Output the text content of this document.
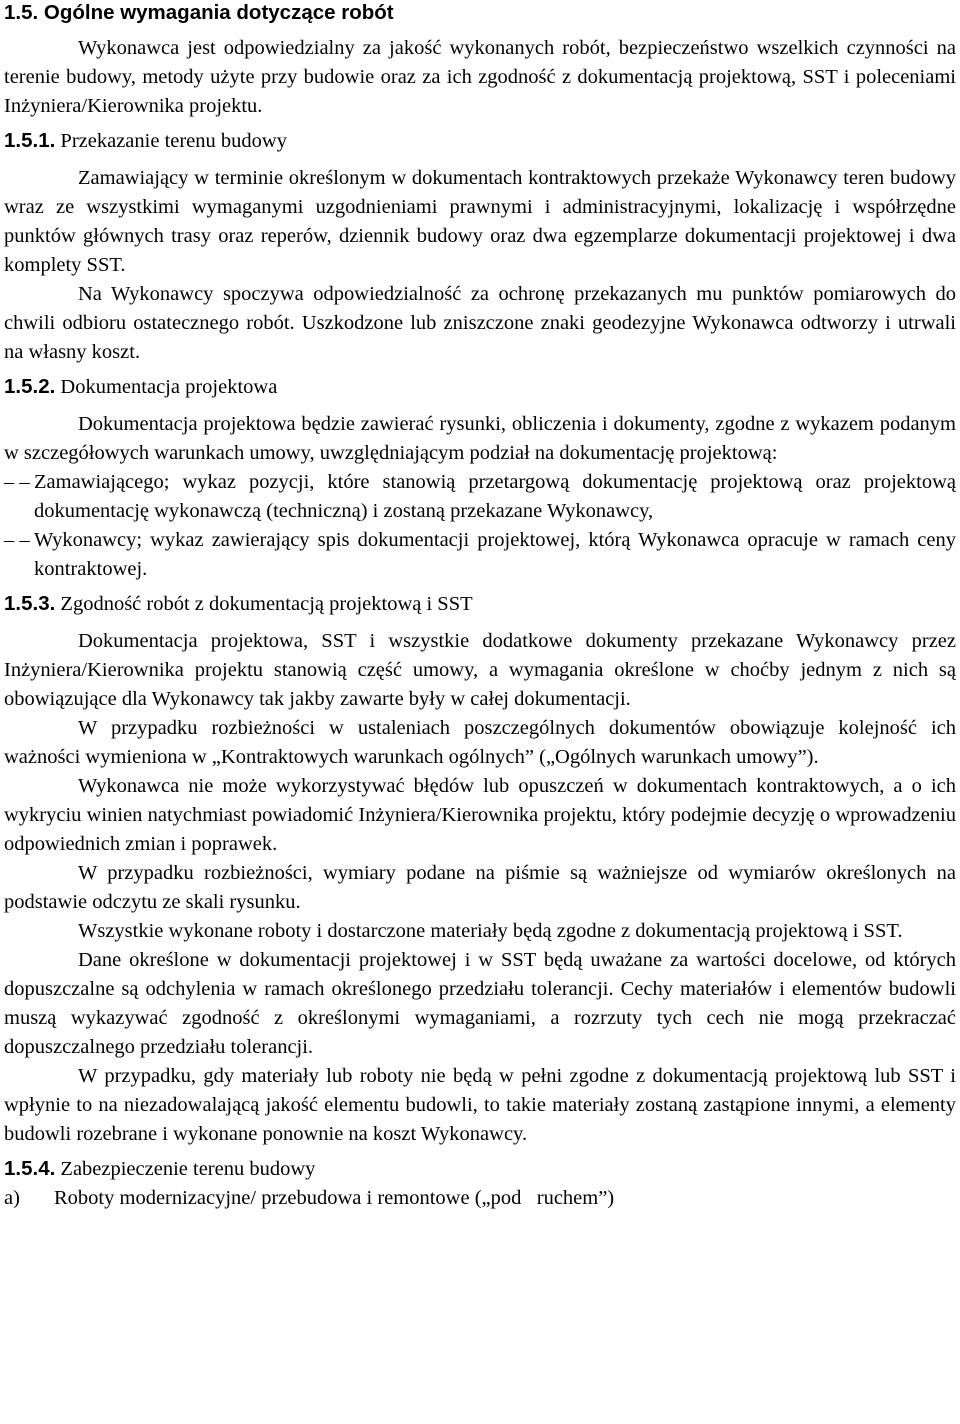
1.5. Ogólne wymagania dotyczące robót

Wykonawca jest odpowiedzialny za jakość wykonanych robót, bezpieczeństwo wszelkich czynności na terenie budowy, metody użyte przy budowie oraz za ich zgodność z dokumentacją projektową, SST i poleceniami Inżyniera/Kierownika projektu.

1.5.1. Przekazanie terenu budowy

Zamawiający w terminie określonym w dokumentach kontraktowych przekaże Wykonawcy teren budowy wraz ze wszystkimi wymaganymi uzgodnieniami prawnymi i administracyjnymi, lokalizację i współrzędne punktów głównych trasy oraz reperów, dziennik budowy oraz dwa egzemplarze dokumentacji projektowej i dwa komplety SST.

Na Wykonawcy spoczywa odpowiedzialność za ochronę przekazanych mu punktów pomiarowych do chwili odbioru ostatecznego robót. Uszkodzone lub zniszczone znaki geodezyjne Wykonawca odtworzy i utrwali na własny koszt.

1.5.2. Dokumentacja projektowa

Dokumentacja projektowa będzie zawierać rysunki, obliczenia i dokumenty, zgodne z wykazem podanym w szczegółowych warunkach umowy, uwzględniającym podział na dokumentację projektową:

– – Zamawiającego; wykaz pozycji, które stanowią przetargową dokumentację projektową oraz projektową dokumentację wykonawczą (techniczną) i zostaną przekazane Wykonawcy,
– – Wykonawcy; wykaz zawierający spis dokumentacji projektowej, którą Wykonawca opracuje w ramach ceny kontraktowej.
1.5.3. Zgodność robót z dokumentacją projektową i SST

Dokumentacja projektowa, SST i wszystkie dodatkowe dokumenty przekazane Wykonawcy przez Inżyniera/Kierownika projektu stanowią część umowy, a wymagania określone w choćby jednym z nich są obowiązujące dla Wykonawcy tak jakby zawarte były w całej dokumentacji.

W przypadku rozbieżności w ustaleniach poszczególnych dokumentów obowiązuje kolejność ich ważności wymieniona w „Kontraktowych warunkach ogólnych” („Ogólnych warunkach umowy”).

Wykonawca nie może wykorzystywać błędów lub opuszczeń w dokumentach kontraktowych, a o ich wykryciu winien natychmiast powiadomić Inżyniera/Kierownika projektu, który podejmie decyzję o wprowadzeniu odpowiednich zmian i poprawek.

W przypadku rozbieżności, wymiary podane na piśmie są ważniejsze od wymiarów określonych na podstawie odczytu ze skali rysunku.

Wszystkie wykonane roboty i dostarczone materiały będą zgodne z dokumentacją projektową i SST.

Dane określone w dokumentacji projektowej i w SST będą uważane za wartości docelowe, od których dopuszczalne są odchylenia w ramach określonego przedziału tolerancji. Cechy materiałów i elementów budowli muszą wykazywać zgodność z określonymi wymaganiami, a rozrzuty tych cech nie mogą przekraczać dopuszczalnego przedziału tolerancji.

W przypadku, gdy materiały lub roboty nie będą w pełni zgodne z dokumentacją projektową lub SST i wpłynie to na niezadowalającą jakość elementu budowli, to takie materiały zostaną zastąpione innymi, a elementy budowli rozebrane i wykonane ponownie na koszt Wykonawcy.

1.5.4. Zabezpieczenie terenu budowy
a)	Roboty modernizacyjne/ przebudowa i remontowe („pod   ruchem”)
